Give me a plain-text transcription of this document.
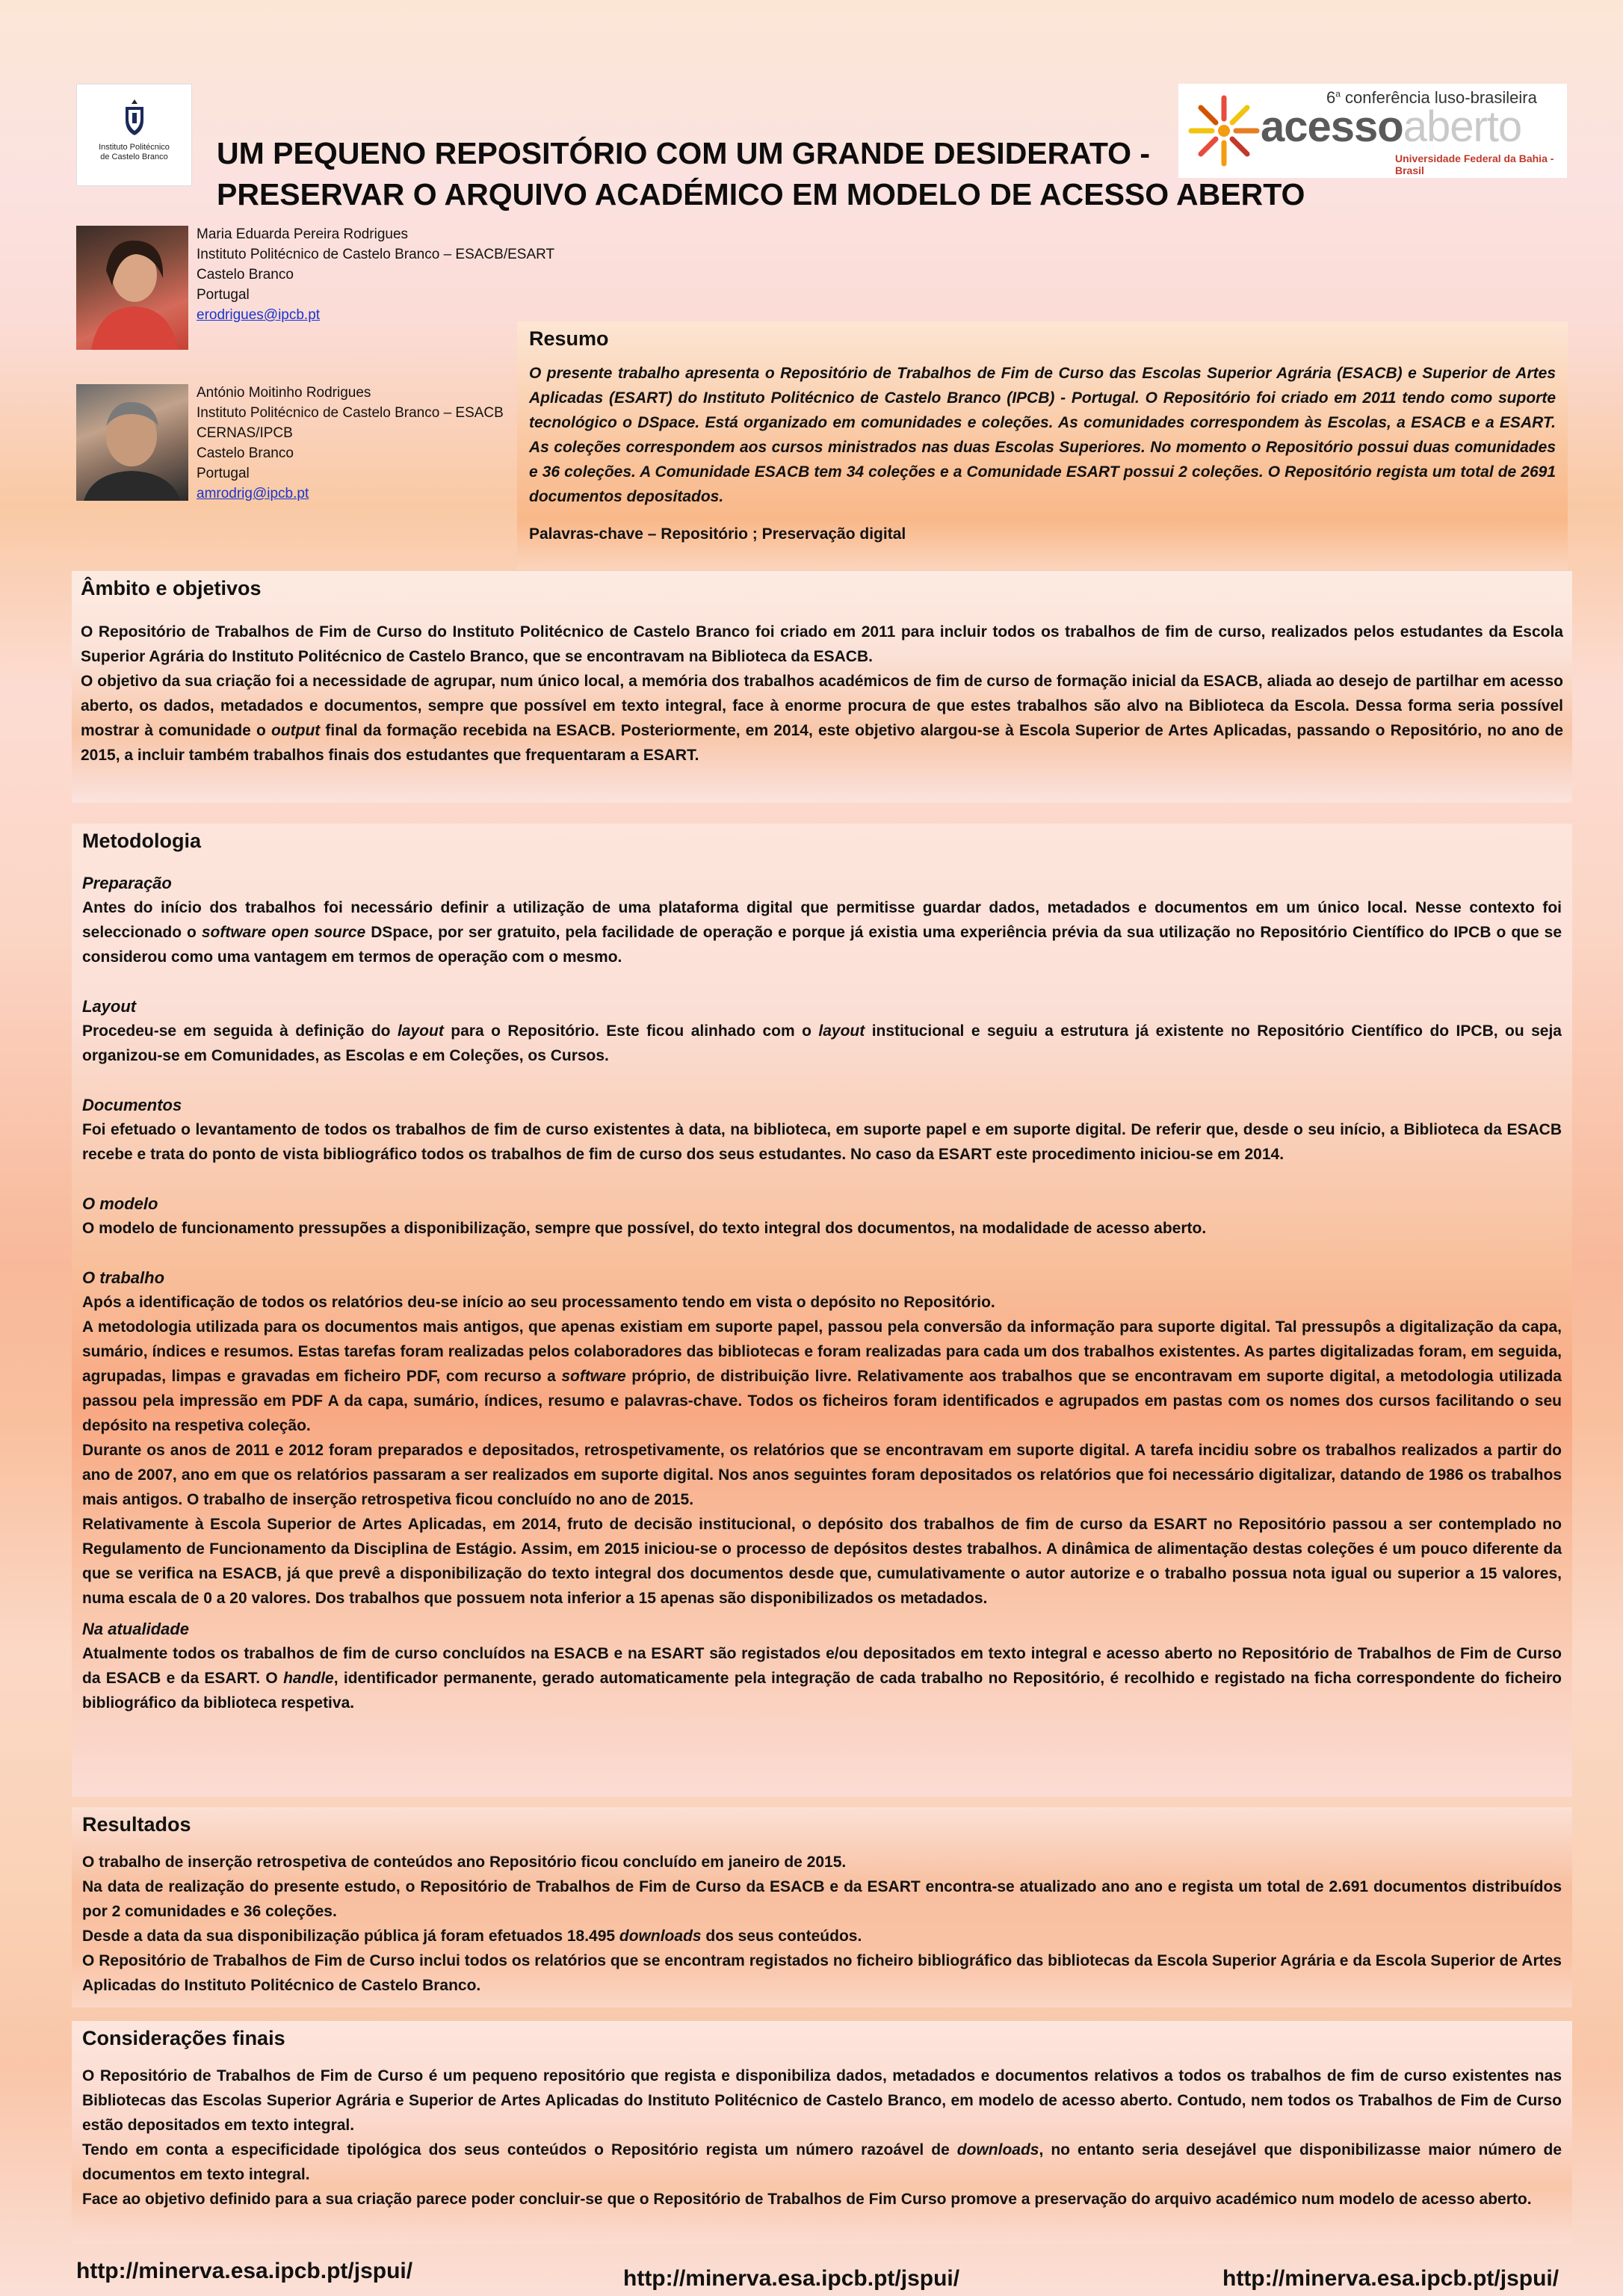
Instituto Politécnico
de Castelo Branco
6$^a$ conferência luso-brasileira
acessoaberto
Universidade Federal da Bahia - Brasil
UM PEQUENO REPOSITÓRIO COM UM GRANDE DESIDERATO -
PRESERVAR O ARQUIVO ACADÉMICO EM MODELO DE ACESSO ABERTO
Maria Eduarda Pereira Rodrigues
Instituto Politécnico de Castelo Branco – ESACB/ESART
Castelo Branco
Portugal
erodrigues@ipcb.pt
António Moitinho Rodrigues
Instituto Politécnico de Castelo Branco – ESACB
CERNAS/IPCB
Castelo Branco
Portugal
amrodrig@ipcb.pt
Resumo
O presente trabalho apresenta o Repositório de Trabalhos de Fim de Curso das Escolas Superior Agrária (ESACB) e Superior de Artes Aplicadas (ESART) do Instituto Politécnico de Castelo Branco (IPCB) - Portugal. O Repositório foi criado em 2011 tendo como suporte tecnológico o DSpace. Está organizado em comunidades e coleções. As comunidades correspondem às Escolas, a ESACB e a ESART. As coleções correspondem aos cursos ministrados nas duas Escolas Superiores. No momento o Repositório possui duas comunidades e 36 coleções. A Comunidade ESACB tem 34 coleções e a Comunidade ESART possui 2 coleções. O Repositório regista um total de 2691 documentos depositados.
Palavras-chave – Repositório ; Preservação digital
Âmbito e objetivos

O Repositório de Trabalhos de Fim de Curso do Instituto Politécnico de Castelo Branco foi criado em 2011 para incluir todos os trabalhos de fim de curso, realizados pelos estudantes da Escola Superior Agrária do Instituto Politécnico de Castelo Branco, que se encontravam na Biblioteca da ESACB.

O objetivo da sua criação foi a necessidade de agrupar, num único local, a memória dos trabalhos académicos de fim de curso de formação inicial da ESACB, aliada ao desejo de partilhar em acesso aberto, os dados, metadados e documentos, sempre que possível em texto integral, face à enorme procura de que estes trabalhos são alvo na Biblioteca da Escola. Dessa forma seria possível mostrar à comunidade o output final da formação recebida na ESACB. Posteriormente, em 2014, este objetivo alargou-se à Escola Superior de Artes Aplicadas, passando o Repositório, no ano de 2015, a incluir também trabalhos finais dos estudantes que frequentaram a ESART.

Metodologia
Preparação

Antes do início dos trabalhos foi necessário definir a utilização de uma plataforma digital que permitisse guardar dados, metadados e documentos em um único local. Nesse contexto foi seleccionado o software open source DSpace, por ser gratuito, pela facilidade de operação e porque já existia uma experiência prévia da sua utilização no Repositório Científico do IPCB o que se considerou como uma vantagem em termos de operação com o mesmo.

Layout

Procedeu-se em seguida à definição do layout para o Repositório. Este ficou alinhado com o layout institucional e seguiu a estrutura já existente no Repositório Científico do IPCB, ou seja organizou-se em Comunidades, as Escolas e em Coleções, os Cursos.

Documentos

Foi efetuado o levantamento de todos os trabalhos de fim de curso existentes à data, na biblioteca, em suporte papel e em suporte digital. De referir que, desde o seu início, a Biblioteca da ESACB recebe e trata do ponto de vista bibliográfico todos os trabalhos de fim de curso dos seus estudantes. No caso da ESART este procedimento iniciou-se em 2014.

O modelo

O modelo de funcionamento pressupões a disponibilização, sempre que possível, do texto integral dos documentos, na modalidade de acesso aberto.

O trabalho

Após a identificação de todos os relatórios deu-se início ao seu processamento tendo em vista o depósito no Repositório.

A metodologia utilizada para os documentos mais antigos, que apenas existiam em suporte papel, passou pela conversão da informação para suporte digital. Tal pressupôs a digitalização da capa, sumário, índices e resumos. Estas tarefas foram realizadas pelos colaboradores das bibliotecas e foram realizadas para cada um dos trabalhos existentes. As partes digitalizadas foram, em seguida, agrupadas, limpas e gravadas em ficheiro PDF, com recurso a software próprio, de distribuição livre. Relativamente aos trabalhos que se encontravam em suporte digital, a metodologia utilizada passou pela impressão em PDF A da capa, sumário, índices, resumo e palavras-chave. Todos os ficheiros foram identificados e agrupados em pastas com os nomes dos cursos facilitando o seu depósito na respetiva coleção.

Durante os anos de 2011 e 2012 foram preparados e depositados, retrospetivamente, os relatórios que se encontravam em suporte digital. A tarefa incidiu sobre os trabalhos realizados a partir do ano de 2007, ano em que os relatórios passaram a ser realizados em suporte digital. Nos anos seguintes foram depositados os relatórios que foi necessário digitalizar, datando de 1986 os trabalhos mais antigos. O trabalho de inserção retrospetiva ficou concluído no ano de 2015.

Relativamente à Escola Superior de Artes Aplicadas, em 2014, fruto de decisão institucional, o depósito dos trabalhos de fim de curso da ESART no Repositório passou a ser contemplado no Regulamento de Funcionamento da Disciplina de Estágio. Assim, em 2015 iniciou-se o processo de depósitos destes trabalhos. A dinâmica de alimentação destas coleções é um pouco diferente da que se verifica na ESACB, já que prevê a disponibilização do texto integral dos documentos desde que, cumulativamente o autor autorize e o trabalho possua nota igual ou superior a 15 valores, numa escala de 0 a 20 valores. Dos trabalhos que possuem nota inferior a 15 apenas são disponibilizados os metadados.

Na atualidade

Atualmente todos os trabalhos de fim de curso concluídos na ESACB e na ESART são registados e/ou depositados em texto integral e acesso aberto no Repositório de Trabalhos de Fim de Curso da ESACB e da ESART. O handle, identificador permanente, gerado automaticamente pela integração de cada trabalho no Repositório, é recolhido e registado na ficha correspondente do ficheiro bibliográfico da biblioteca respetiva.

Resultados

O trabalho de inserção retrospetiva de conteúdos ano Repositório ficou concluído em janeiro de 2015.

Na data de realização do presente estudo, o Repositório de Trabalhos de Fim de Curso da ESACB e da ESART encontra-se atualizado ano ano e regista um total de 2.691 documentos distribuídos por 2 comunidades e 36 coleções.

Desde a data da sua disponibilização pública já foram efetuados 18.495 downloads dos seus conteúdos.

O Repositório de Trabalhos de Fim de Curso inclui todos os relatórios que se encontram registados no ficheiro bibliográfico das bibliotecas da Escola Superior Agrária e da Escola Superior de Artes Aplicadas do Instituto Politécnico de Castelo Branco.

Considerações finais

O Repositório de Trabalhos de Fim de Curso é um pequeno repositório que regista e disponibiliza dados, metadados e documentos relativos a todos os trabalhos de fim de curso existentes nas Bibliotecas das Escolas Superior Agrária e Superior de Artes Aplicadas do Instituto Politécnico de Castelo Branco, em modelo de acesso aberto. Contudo, nem todos os Trabalhos de Fim de Curso estão depositados em texto integral.

Tendo em conta a especificidade tipológica dos seus conteúdos o Repositório regista um número razoável de downloads, no entanto seria desejável que disponibilizasse maior número de documentos em texto integral.

Face ao objetivo definido para a sua criação parece poder concluir-se que o Repositório de Trabalhos de Fim Curso promove a preservação do arquivo académico num modelo de acesso aberto.

http://minerva.esa.ipcb.pt/jspui/	http://minerva.esa.ipcb.pt/jspui/	http://minerva.esa.ipcb.pt/jspui/
